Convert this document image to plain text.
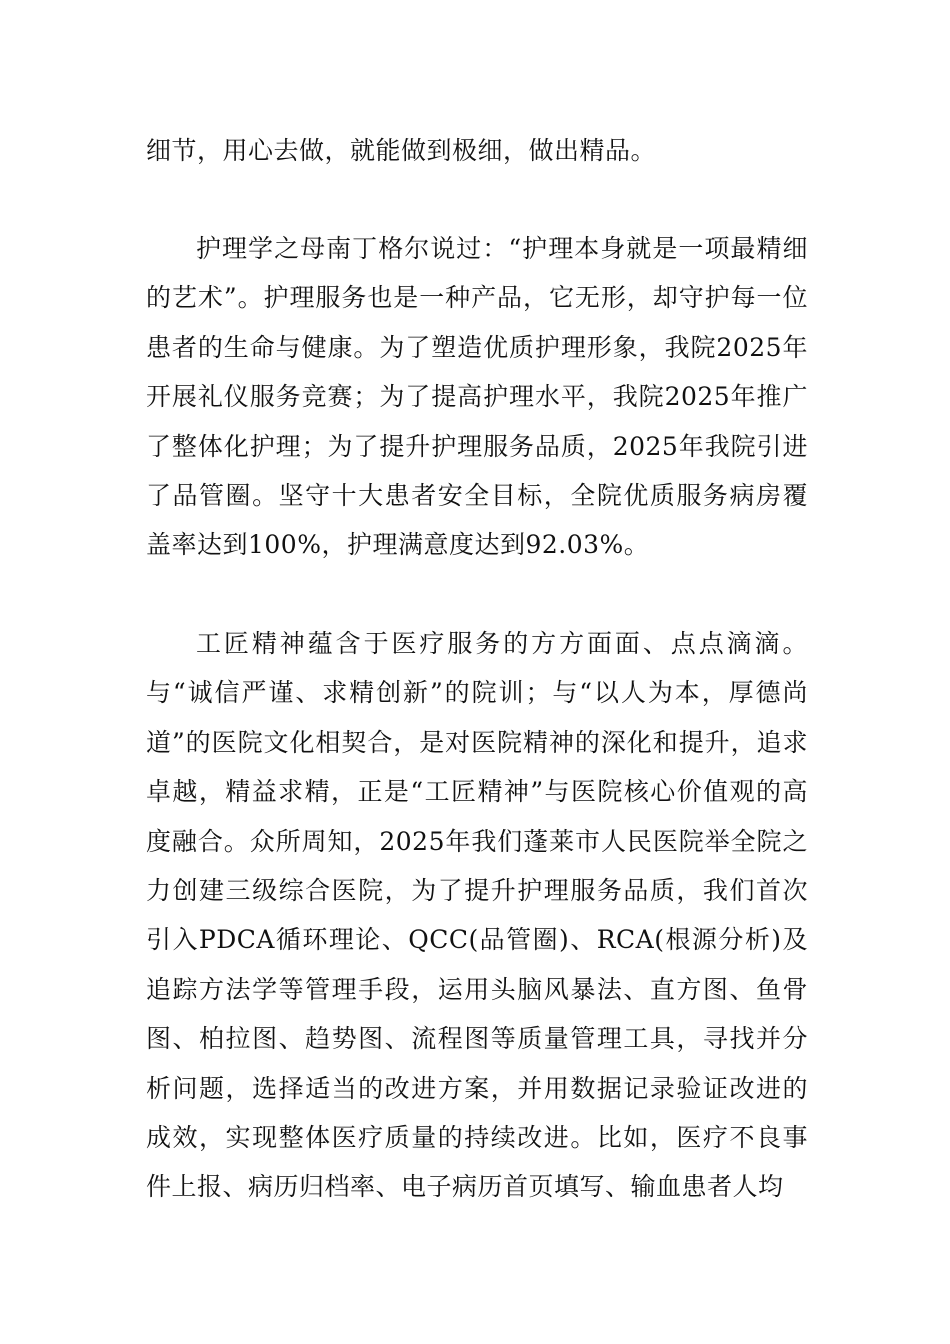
细节，用心去做，就能做到极细，做出精品。

护理学之母南丁格尔说过：“护理本身就是一项最精细的艺术”。护理服务也是一种产品，它无形，却守护每一位患者的生命与健康。为了塑造优质护理形象，我院2025年开展礼仪服务竞赛；为了提高护理水平，我院2025年推广了整体化护理；为了提升护理服务品质，2025年我院引进了品管圈。坚守十大患者安全目标，全院优质服务病房覆盖率达到100%，护理满意度达到92.03%。

工匠精神蕴含于医疗服务的方方面面、点点滴滴。与“诚信严谨、求精创新”的院训；与“以人为本，厚德尚道”的医院文化相契合，是对医院精神的深化和提升，追求卓越，精益求精，正是“工匠精神”与医院核心价值观的高度融合。众所周知，2025年我们蓬莱市人民医院举全院之力创建三级综合医院，为了提升护理服务品质，我们首次引入PDCA循环理论、QCC(品管圈)、RCA(根源分析)及追踪方法学等管理手段，运用头脑风暴法、直方图、鱼骨图、柏拉图、趋势图、流程图等质量管理工具，寻找并分析问题，选择适当的改进方案，并用数据记录验证改进的成效，实现整体医疗质量的持续改进。比如，医疗不良事件上报、病历归档率、电子病历首页填写、输血患者人均
